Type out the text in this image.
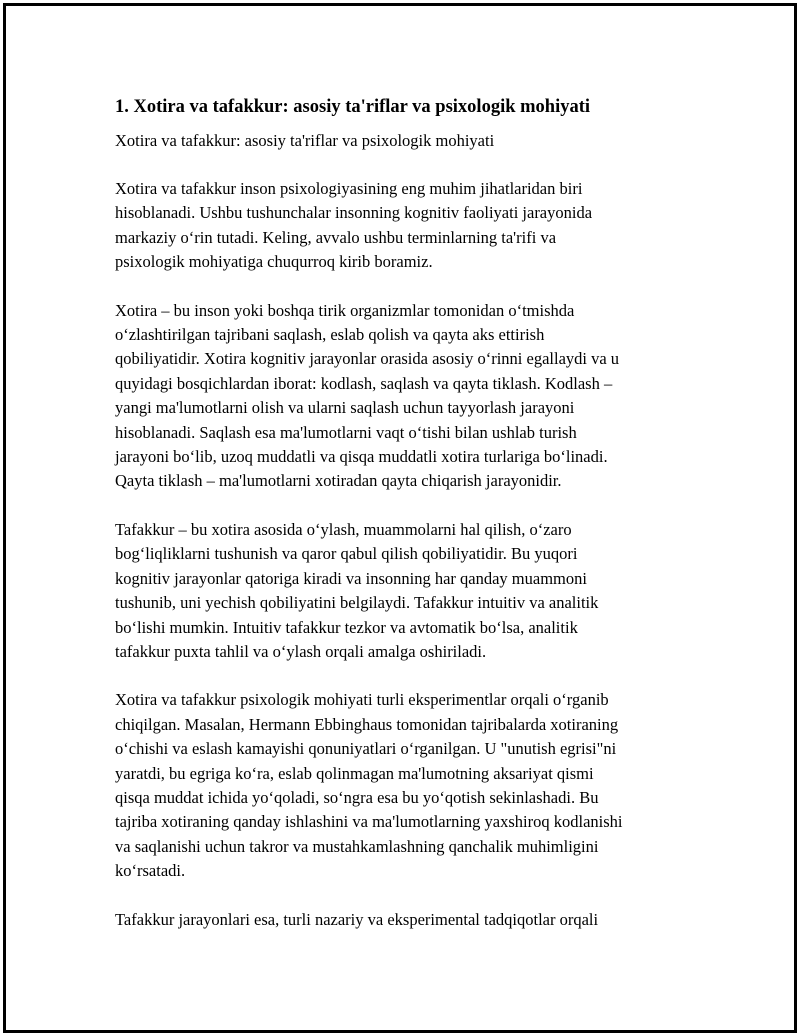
1. Xotira va tafakkur: asosiy ta'riflar va psixologik mohiyati
Xotira va tafakkur: asosiy ta'riflar va psixologik mohiyati
Xotira va tafakkur inson psixologiyasining eng muhim jihatlaridan biri
hisoblanadi. Ushbu tushunchalar insonning kognitiv faoliyati jarayonida
markaziy o‘rin tutadi. Keling, avvalo ushbu terminlarning ta'rifi va
psixologik mohiyatiga chuqurroq kirib boramiz.
Xotira – bu inson yoki boshqa tirik organizmlar tomonidan o‘tmishda
o‘zlashtirilgan tajribani saqlash, eslab qolish va qayta aks ettirish
qobiliyatidir. Xotira kognitiv jarayonlar orasida asosiy o‘rinni egallaydi va u
quyidagi bosqichlardan iborat: kodlash, saqlash va qayta tiklash. Kodlash –
yangi ma'lumotlarni olish va ularni saqlash uchun tayyorlash jarayoni
hisoblanadi. Saqlash esa ma'lumotlarni vaqt o‘tishi bilan ushlab turish
jarayoni bo‘lib, uzoq muddatli va qisqa muddatli xotira turlariga bo‘linadi.
Qayta tiklash – ma'lumotlarni xotiradan qayta chiqarish jarayonidir.
Tafakkur – bu xotira asosida o‘ylash, muammolarni hal qilish, o‘zaro
bog‘liqliklarni tushunish va qaror qabul qilish qobiliyatidir. Bu yuqori
kognitiv jarayonlar qatoriga kiradi va insonning har qanday muammoni
tushunib, uni yechish qobiliyatini belgilaydi. Tafakkur intuitiv va analitik
bo‘lishi mumkin. Intuitiv tafakkur tezkor va avtomatik bo‘lsa, analitik
tafakkur puxta tahlil va o‘ylash orqali amalga oshiriladi.
Xotira va tafakkur psixologik mohiyati turli eksperimentlar orqali o‘rganib
chiqilgan. Masalan, Hermann Ebbinghaus tomonidan tajribalarda xotiraning
o‘chishi va eslash kamayishi qonuniyatlari o‘rganilgan. U "unutish egrisi"ni
yaratdi, bu egriga ko‘ra, eslab qolinmagan ma'lumotning aksariyat qismi
qisqa muddat ichida yo‘qoladi, so‘ngra esa bu yo‘qotish sekinlashadi. Bu
tajriba xotiraning qanday ishlashini va ma'lumotlarning yaxshiroq kodlanishi
va saqlanishi uchun takror va mustahkamlashning qanchalik muhimligini
ko‘rsatadi.
Tafakkur jarayonlari esa, turli nazariy va eksperimental tadqiqotlar orqali
